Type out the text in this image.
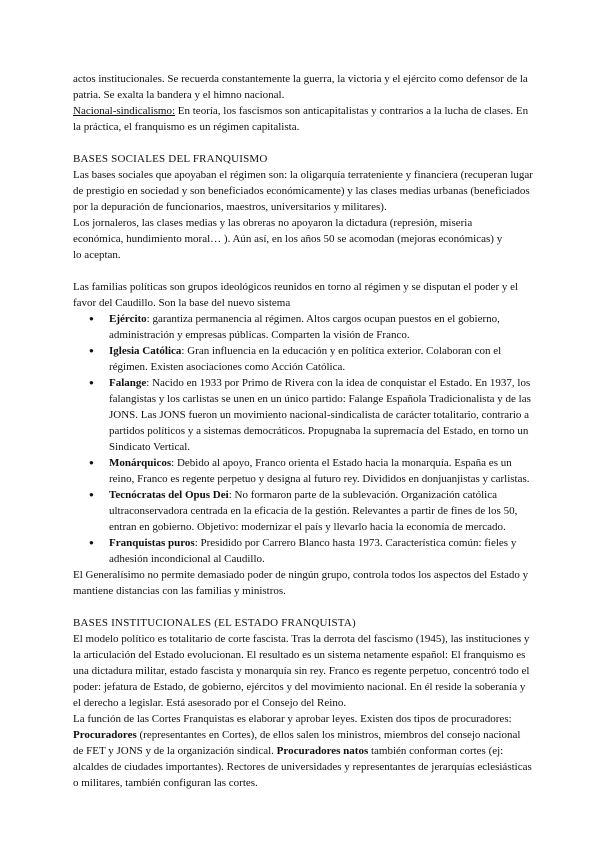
actos institucionales. Se recuerda constantemente la guerra, la victoria y el ejército como defensor de la patria. Se exalta la bandera y el himno nacional.

Nacional-sindicalismo: En teoría, los fascismos son anticapitalistas y contrarios a la lucha de clases. En la práctica, el franquismo es un régimen capitalista.

BASES SOCIALES DEL FRANQUISMO

Las bases sociales que apoyaban el régimen son: la oligarquía terrateniente y financiera (recuperan lugar de prestigio en sociedad y son beneficiados económicamente) y las clases medias urbanas (beneficiados por la depuración de funcionarios, maestros, universitarios y militares).

Los jornaleros, las clases medias y las obreras no apoyaron la dictadura (represión, miseria económica, hundimiento moral… ). Aún así, en los años 50 se acomodan (mejoras económicas) y lo aceptan.

Las familias políticas son grupos ideológicos reunidos en torno al régimen y se disputan el poder y el favor del Caudillo. Son la base del nuevo sistema

● Ejército: garantiza permanencia al régimen. Altos cargos ocupan puestos en el gobierno, administración y empresas públicas. Comparten la visión de Franco.
● Iglesia Católica: Gran influencia en la educación y en política exterior. Colaboran con el régimen. Existen asociaciones como Acción Católica.
● Falange: Nacido en 1933 por Primo de Rivera con la idea de conquistar el Estado. En 1937, los falangistas y los carlistas se unen en un único partido: Falange Española Tradicionalista y de las JONS. Las JONS fueron un movimiento nacional-sindicalista de carácter totalitario, contrario a partidos políticos y a sistemas democráticos. Propugnaba la supremacía del Estado, en torno un Sindicato Vertical.
● Monárquicos: Debido al apoyo, Franco orienta el Estado hacia la monarquía. España es un reino, Franco es regente perpetuo y designa al futuro rey. Divididos en donjuanjistas y carlistas.
● Tecnócratas del Opus Dei: No formaron parte de la sublevación. Organización católica ultraconservadora centrada en la eficacia de la gestión. Relevantes a partir de fines de los 50, entran en gobierno. Objetivo: modernizar el país y llevarlo hacia la economía de mercado.
● Franquistas puros: Presidido por Carrero Blanco hasta 1973. Característica común: fieles y adhesión incondicional al Caudillo.

El Generalísimo no permite demasiado poder de ningún grupo, controla todos los aspectos del Estado y mantiene distancias con las familias y ministros.

BASES INSTITUCIONALES (EL ESTADO FRANQUISTA)

El modelo político es totalitario de corte fascista. Tras la derrota del fascismo (1945), las instituciones y la articulación del Estado evolucionan. El resultado es un sistema netamente español: El franquismo es una dictadura militar, estado fascista y monarquía sin rey. Franco es regente perpetuo, concentró todo el poder: jefatura de Estado, de gobierno, ejércitos y del movimiento nacional. En él reside la soberanía y el derecho a legislar. Está asesorado por el Consejo del Reino.

La función de las Cortes Franquistas es elaborar y aprobar leyes. Existen dos tipos de procuradores: Procuradores (representantes en Cortes), de ellos salen los ministros, miembros del consejo nacional de FET y JONS y de la organización sindical. Procuradores natos también conforman cortes (ej: alcaldes de ciudades importantes). Rectores de universidades y representantes de jerarquías eclesiásticas o militares, también configuran las cortes.
